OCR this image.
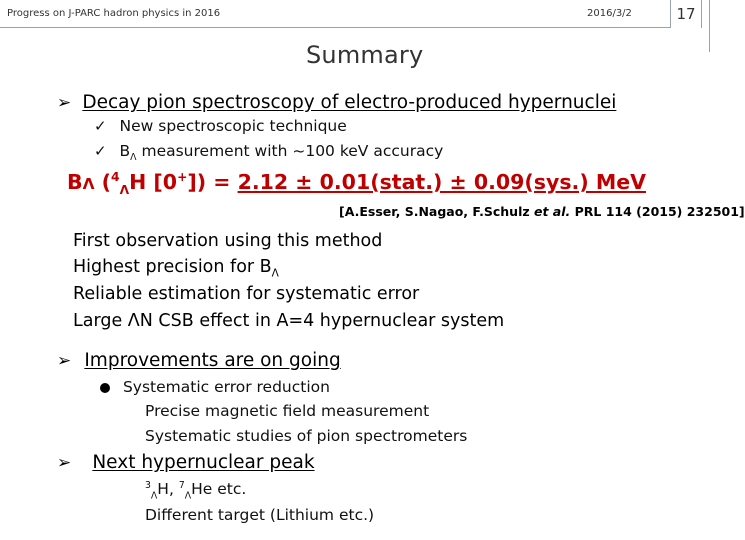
Progress on J-PARC hadron physics in 2016	2016/3/2	17
Summary
➢ Decay pion spectroscopy of electro-produced hypernuclei
✓ New spectroscopic technique
✓ $B_\Lambda$ measurement with ~100 keV accuracy
BΛ ($^4_\Lambda$H [0+]) = 2.12 ± 0.01(stat.) ± 0.09(sys.) MeV
[A.Esser, S.Nagao, F.Schulz et al. PRL 114 (2015) 232501]
First observation using this method
Highest precision for $B_\Lambda$
Reliable estimation for systematic error
Large ΛN CSB effect in A=4 hypernuclear system
➢ Improvements are on going
Systematic error reduction
Precise magnetic field measurement
Systematic studies of pion spectrometers
➢ Next hypernuclear peak
$^3_\Lambda$H, $^7_\Lambda$He etc.
Different target (Lithium etc.)
